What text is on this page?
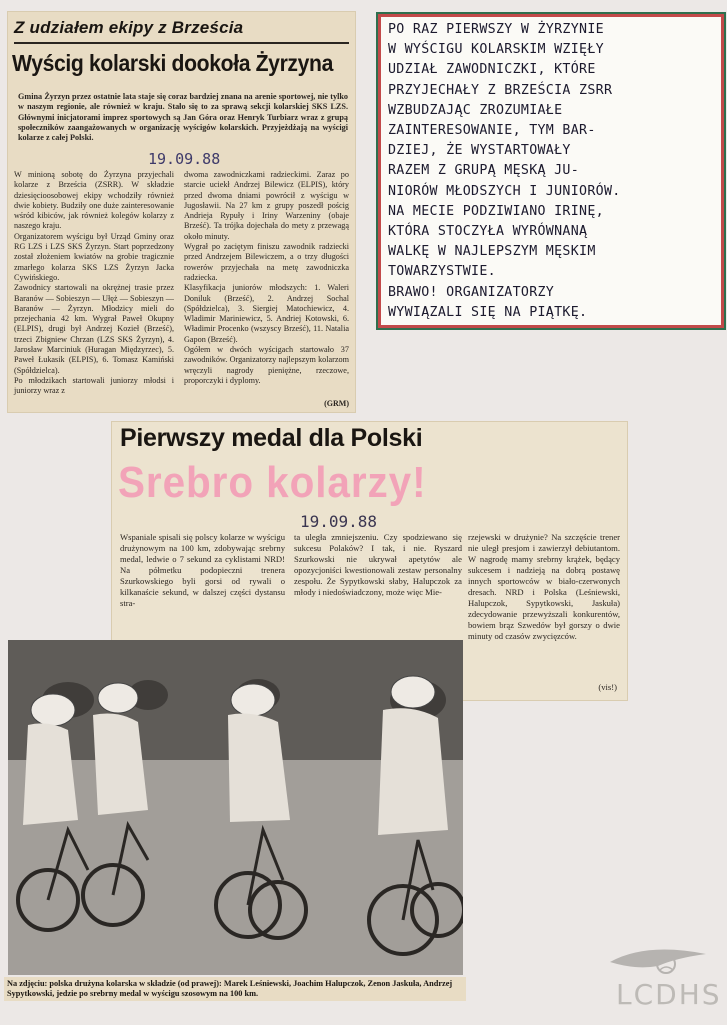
Z udziałem ekipy z Brześcia
Wyścig kolarski dookoła Żyrzyna
Gmina Żyrzyn przez ostatnie lata staje się coraz bardziej znana na arenie sportowej, nie tylko w naszym regionie, ale również w kraju. Stało się to za sprawą sekcji kolarskiej SKS LZS. Głównymi inicjatorami imprez sportowych są Jan Góra oraz Henryk Turbiarz wraz z grupą społeczników zaangażowanych w organizację wyścigów kolarskich. Przyjeżdżają na wyścigi kolarze z całej Polski.
W minioną sobotę do Żyrzyna przyjechali kolarze z Brześcia (ZSRR). W składzie dziesięcioosobowej ekipy wchodziły również dwie kobiety. Budziły one duże zainteresowanie wśród kibiców, jak również kolegów kolarzy z naszego kraju.
Organizatorem wyścigu był Urząd Gminy oraz RG LZS i LZS SKS Żyrzyn. Start poprzedzony został złożeniem kwiatów na grobie tragicznie zmarłego kolarza SKS LZS Żyrzyn Jacka Cywińskiego.
Zawodnicy startowali na okrężnej trasie przez Baranów — Sobieszyn — Ułęż — Sobieszyn — Baranów — Żyrzyn. Młodzicy mieli do przejechania 42 km. Wygrał Paweł Okupny (ELPIS), drugi był Andrzej Kozieł (Brześć), trzeci Zbigniew Chrzan (LZS SKS Żyrzyn), 4. Jarosław Marciniuk (Huragan Międzyrzec), 5. Paweł Łukasik (ELPIS), 6. Tomasz Kamiński (Spółdzielca).
Po młodzikach startowali juniorzy młodsi i juniorzy wraz z
dwoma zawodniczkami radzieckimi. Zaraz po starcie uciekł Andrzej Bilewicz (ELPIS), który przed dwoma dniami powrócił z wyścigu w Jugosławii. Na 27 km z grupy poszedł pościg Andrieja Rypuły i Iriny Warzeniny (obaje Brześć). Ta trójka dojechała do mety z przewagą około minuty.
Wygrał po zaciętym finiszu zawodnik radziecki przed Andrzejem Bilewiczem, a o trzy długości rowerów przyjechała na metę zawodniczka radziecka.
Klasyfikacja juniorów młodszych: 1. Waleri Doniluk (Brześć), 2. Andrzej Sochal (Spółdzielca), 3. Siergiej Matochiewicz, 4. Wladimir Mariniewicz, 5. Andriej Kotowski, 6. Władimir Procenko (wszyscy Brześć), 11. Natalia Gapon (Brześć).
Ogółem w dwóch wyścigach startowało 37 zawodników. Organizatorzy najlepszym kolarzom wręczyli nagrody pieniężne, rzeczowe, proporczyki i dyplomy.
19.09.88
(GRM)
PO RAZ PIERWSZY W ŻYRZYNIE
W WYŚCIGU KOLARSKIM WZIĘŁY
UDZIAŁ ZAWODNICZKI, KTÓRE
PRZYJECHAŁY Z BRZEŚCIA ZSRR
WZBUDZAJĄC ZROZUMIAŁE
ZAINTERESOWANIE, TYM BAR-
DZIEJ, ŻE WYSTARTOWAŁY
RAZEM Z GRUPĄ MĘSKĄ JU-
NIORÓW MŁODSZYCH I JUNIORÓW.
NA MECIE PODZIWIANO IRINĘ,
KTÓRA STOCZYŁA WYRÓWNANĄ
WALKĘ W NAJLEPSZYM MĘSKIM
TOWARZYSTWIE.
BRAWO! ORGANIZATORZY
WYWIĄZALI SIĘ NA PIĄTKĘ.
Pierwszy medal dla Polski
Srebro kolarzy!
19.09.88
Wspaniale spisali się polscy kolarze w wyścigu drużynowym na 100 km, zdobywając srebrny medal, ledwie o 7 sekund za cyklistami NRD! Na półmetku podopieczni trenera Szurkowskiego byli gorsi od rywali o kilkanaście sekund, w dalszej części dystansu stra-
ta uległa zmniejszeniu. Czy spodziewano się sukcesu Polaków? I tak, i nie. Ryszard Szurkowski nie ukrywał apetytów ale opozycjoniści kwestionowali zestaw personalny zespołu. Że Sypytkowski słaby, Halupczok za młody i niedoświadczony, może więc Mie-
rzejewski w drużynie? Na szczęście trener nie uległ presjom i zawierzył debiutantom. W nagrodę mamy srebrny krążek, będący sukcesem i nadzieją na dobrą postawę innych sportowców w biało-czerwonych dresach. NRD i Polska (Leśniewski, Halupczok, Sypytkowski, Jaskuła) zdecydowanie przewyższali konkurentów, bowiem brąz Szwedów był gorszy o dwie minuty od czasów zwycięzców.
(vis!)
Na zdjęciu: polska drużyna kolarska w składzie (od prawej): Marek Leśniewski, Joachim Halupczok, Zenon Jaskuła, Andrzej Sypytkowski, jedzie po srebrny medal w wyścigu szosowym na 100 km.	LCDHS
